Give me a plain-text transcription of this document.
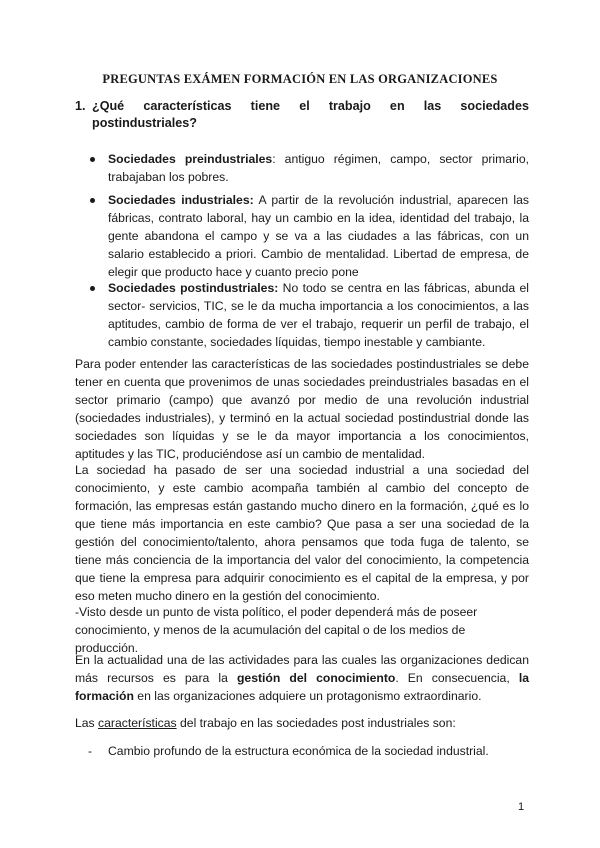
PREGUNTAS EXÁMEN FORMACIÓN EN LAS ORGANIZACIONES
1. ¿Qué características tiene el trabajo en las sociedades
postindustriales?
Sociedades preindustriales: antiguo régimen, campo, sector primario, trabajaban los pobres.
Sociedades industriales: A partir de la revolución industrial, aparecen las fábricas, contrato laboral, hay un cambio en la idea, identidad del trabajo, la gente abandona el campo y se va a las ciudades a las fábricas, con un salario establecido a priori. Cambio de mentalidad. Libertad de empresa, de elegir que producto hace y cuanto precio pone
Sociedades postindustriales: No todo se centra en las fábricas, abunda el sector- servicios, TIC, se le da mucha importancia a los conocimientos, a las aptitudes, cambio de forma de ver el trabajo, requerir un perfil de trabajo, el cambio constante, sociedades líquidas, tiempo inestable y cambiante.
Para poder entender las características de las sociedades postindustriales se debe tener en cuenta que provenimos de unas sociedades preindustriales basadas en el sector primario (campo) que avanzó por medio de una revolución industrial (sociedades industriales), y terminó en la actual sociedad postindustrial donde las sociedades son líquidas y se le da mayor importancia a los conocimientos, aptitudes y las TIC, produciéndose así un cambio de mentalidad.
La sociedad ha pasado de ser una sociedad industrial a una sociedad del conocimiento, y este cambio acompaña también al cambio del concepto de formación, las empresas están gastando mucho dinero en la formación, ¿qué es lo que tiene más importancia en este cambio? Que pasa a ser una sociedad de la gestión del conocimiento/talento, ahora pensamos que toda fuga de talento, se tiene más conciencia de la importancia del valor del conocimiento, la competencia que tiene la empresa para adquirir conocimiento es el capital de la empresa, y por eso meten mucho dinero en la gestión del conocimiento.
-Visto desde un punto de vista político, el poder dependerá más de poseer
conocimiento, y menos de la acumulación del capital o de los medios de producción.
En la actualidad una de las actividades para las cuales las organizaciones dedican más recursos es para la gestión del conocimiento. En consecuencia, la formación en las organizaciones adquiere un protagonismo extraordinario.
Las características del trabajo en las sociedades post industriales son:
- Cambio profundo de la estructura económica de la sociedad industrial.
1
